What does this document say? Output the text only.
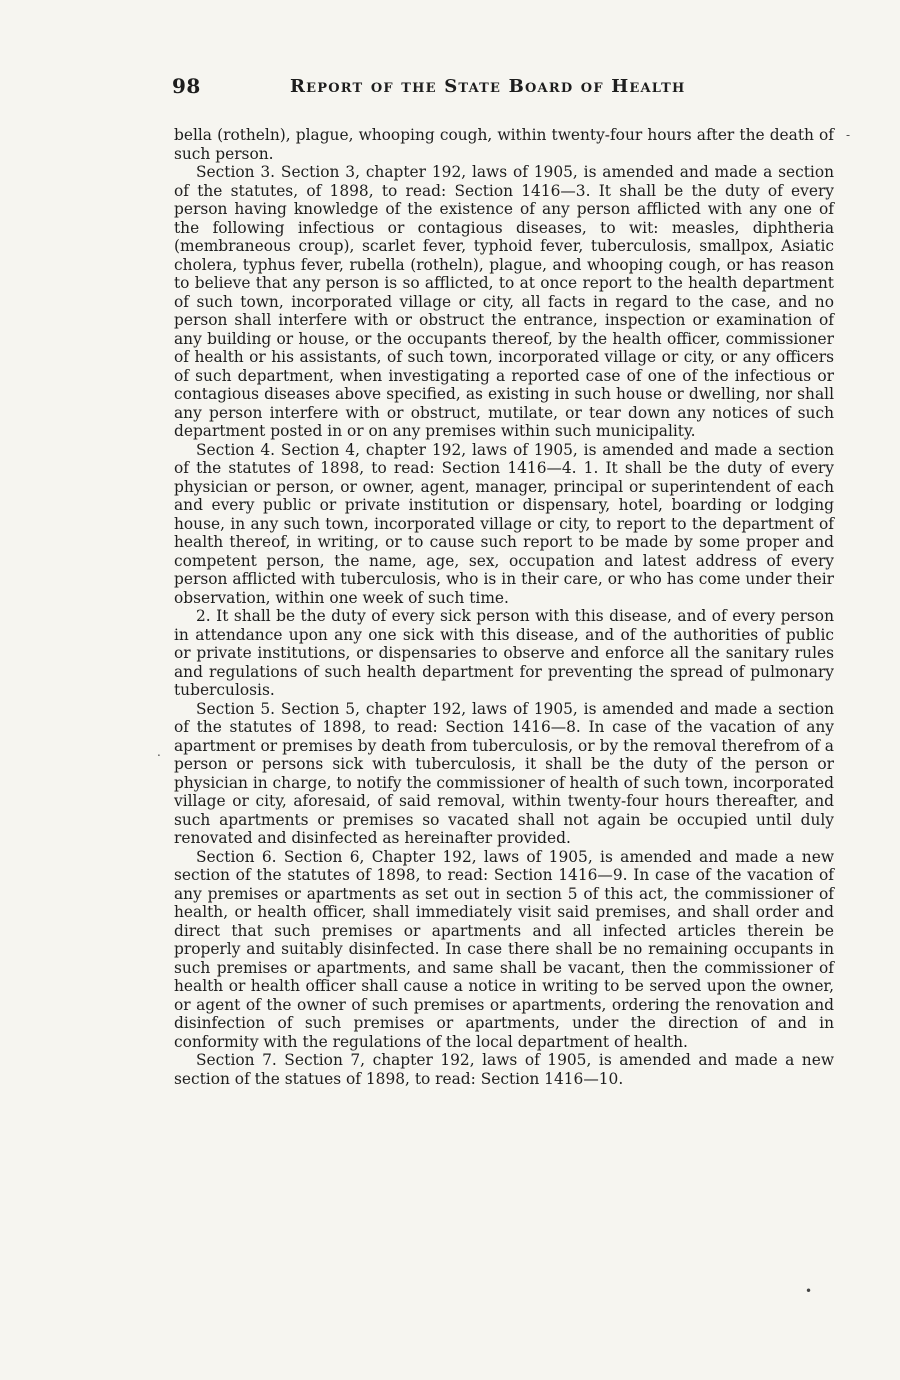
98	Report of the State Board of Health

bella (rotheln), plague, whooping cough, within twenty-four hours after the death of such person.

Section 3. Section 3, chapter 192, laws of 1905, is amended and made a section of the statutes, of 1898, to read: Section 1416—3. It shall be the duty of every person having knowledge of the existence of any person afflicted with any one of the following infectious or contagious diseases, to wit: measles, diphtheria (membraneous croup), scarlet fever, typhoid fever, tuberculosis, smallpox, Asiatic cholera, typhus fever, rubella (rotheln), plague, and whooping cough, or has reason to believe that any person is so afflicted, to at once report to the health department of such town, incorporated village or city, all facts in regard to the case, and no person shall interfere with or obstruct the entrance, inspection or examination of any building or house, or the occupants thereof, by the health officer, commissioner of health or his assistants, of such town, incorporated village or city, or any officers of such department, when investigating a reported case of one of the infectious or contagious diseases above specified, as existing in such house or dwelling, nor shall any person interfere with or obstruct, mutilate, or tear down any notices of such department posted in or on any premises within such municipality.

Section 4. Section 4, chapter 192, laws of 1905, is amended and made a section of the statutes of 1898, to read: Section 1416—4. 1. It shall be the duty of every physician or person, or owner, agent, manager, principal or superintendent of each and every public or private institution or dispensary, hotel, boarding or lodging house, in any such town, incorporated village or city, to report to the department of health thereof, in writing, or to cause such report to be made by some proper and competent person, the name, age, sex, occupation and latest address of every person afflicted with tuberculosis, who is in their care, or who has come under their observation, within one week of such time.

2. It shall be the duty of every sick person with this disease, and of every person in attendance upon any one sick with this disease, and of the authorities of public or private institutions, or dispensaries to observe and enforce all the sanitary rules and regulations of such health department for preventing the spread of pulmonary tuberculosis.

Section 5. Section 5, chapter 192, laws of 1905, is amended and made a section of the statutes of 1898, to read: Section 1416—8. In case of the vacation of any apartment or premises by death from tuberculosis, or by the removal therefrom of a person or persons sick with tuberculosis, it shall be the duty of the person or physician in charge, to notify the commissioner of health of such town, incorporated village or city, aforesaid, of said removal, within twenty-four hours thereafter, and such apartments or premises so vacated shall not again be occupied until duly renovated and disinfected as hereinafter provided.

Section 6. Section 6, Chapter 192, laws of 1905, is amended and made a new section of the statutes of 1898, to read: Section 1416—9. In case of the vacation of any premises or apartments as set out in section 5 of this act, the commissioner of health, or health officer, shall immediately visit said premises, and shall order and direct that such premises or apartments and all infected articles therein be properly and suitably disinfected. In case there shall be no remaining occupants in such premises or apartments, and same shall be vacant, then the commissioner of health or health officer shall cause a notice in writing to be served upon the owner, or agent of the owner of such premises or apartments, ordering the renovation and disinfection of such premises or apartments, under the direction of and in conformity with the regulations of the local department of health.

Section 7. Section 7, chapter 192, laws of 1905, is amended and made a new section of the statues of 1898, to read: Section 1416—10.

-
.
•
